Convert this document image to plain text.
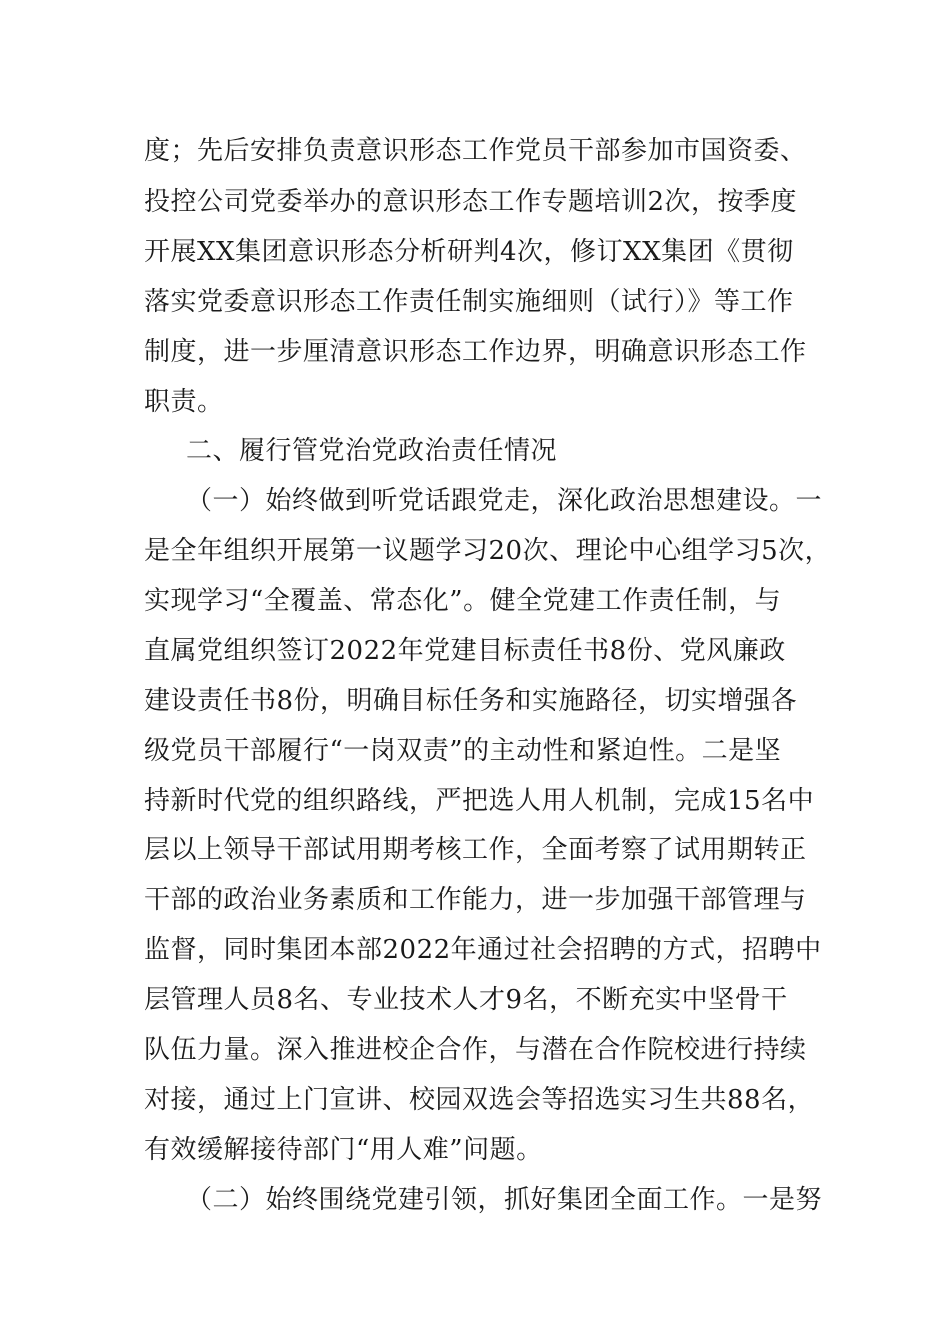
度；先后安排负责意识形态工作党员干部参加市国资委、
投控公司党委举办的意识形态工作专题培训2次，按季度
开展XX集团意识形态分析研判4次，修订XX集团《贯彻
落实党委意识形态工作责任制实施细则（试行）》等工作
制度，进一步厘清意识形态工作边界，明确意识形态工作
职责。
二、履行管党治党政治责任情况
（一）始终做到听党话跟党走，深化政治思想建设。一
是全年组织开展第一议题学习20次、理论中心组学习5次，
实现学习“全覆盖、常态化”。健全党建工作责任制，与
直属党组织签订2022年党建目标责任书8份、党风廉政
建设责任书8份，明确目标任务和实施路径，切实增强各
级党员干部履行“一岗双责”的主动性和紧迫性。二是坚
持新时代党的组织路线，严把选人用人机制，完成15名中
层以上领导干部试用期考核工作，全面考察了试用期转正
干部的政治业务素质和工作能力，进一步加强干部管理与
监督，同时集团本部2022年通过社会招聘的方式，招聘中
层管理人员8名、专业技术人才9名，不断充实中坚骨干
队伍力量。深入推进校企合作，与潜在合作院校进行持续
对接，通过上门宣讲、校园双选会等招选实习生共88名，
有效缓解接待部门“用人难”问题。
（二）始终围绕党建引领，抓好集团全面工作。一是努
